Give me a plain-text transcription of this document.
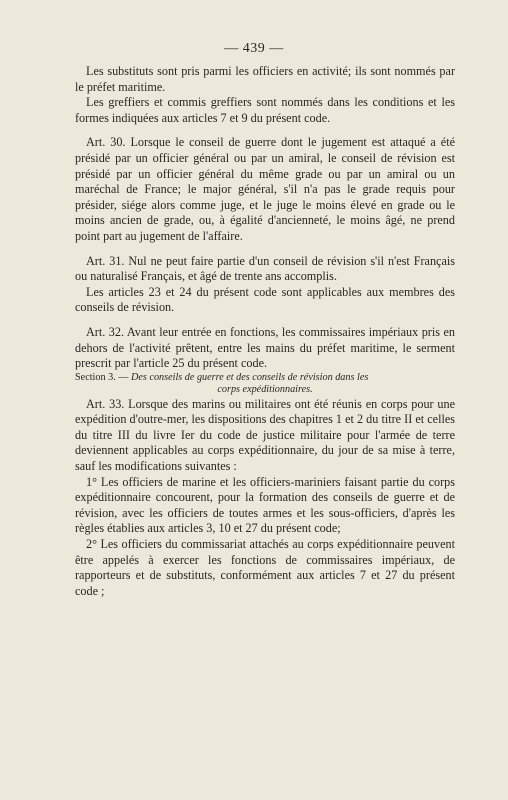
— 439 —

Les substituts sont pris parmi les officiers en activité; ils sont nommés par le préfet maritime.

Les greffiers et commis greffiers sont nommés dans les conditions et les formes indiquées aux articles 7 et 9 du présent code.

Art. 30. Lorsque le conseil de guerre dont le jugement est attaqué a été présidé par un officier général ou par un amiral, le conseil de révision est présidé par un officier général du même grade ou par un amiral ou un maréchal de France; le major général, s'il n'a pas le grade requis pour présider, siége alors comme juge, et le juge le moins élevé en grade ou le moins ancien de grade, ou, à égalité d'ancienneté, le moins âgé, ne prend point part au jugement de l'affaire.

Art. 31. Nul ne peut faire partie d'un conseil de révision s'il n'est Français ou naturalisé Français, et âgé de trente ans accomplis.

Les articles 23 et 24 du présent code sont applicables aux membres des conseils de révision.

Art. 32. Avant leur entrée en fonctions, les commissaires impériaux pris en dehors de l'activité prêtent, entre les mains du préfet maritime, le serment prescrit par l'article 25 du présent code.

Section 3. — Des conseils de guerre et des conseils de révision dans les
corps expéditionnaires.

Art. 33. Lorsque des marins ou militaires ont été réunis en corps pour une expédition d'outre-mer, les dispositions des chapitres 1 et 2 du titre II et celles du titre III du livre Ier du code de justice militaire pour l'armée de terre deviennent applicables au corps expéditionnaire, du jour de sa mise à terre, sauf les modifications suivantes :

1° Les officiers de marine et les officiers-mariniers faisant partie du corps expéditionnaire concourent, pour la formation des conseils de guerre et de révision, avec les officiers de toutes armes et les sous-officiers, d'après les règles établies aux articles 3, 10 et 27 du présent code;

2° Les officiers du commissariat attachés au corps expéditionnaire peuvent être appelés à exercer les fonctions de commissaires impériaux, de rapporteurs et de substituts, conformément aux articles 7 et 27 du présent code ;
